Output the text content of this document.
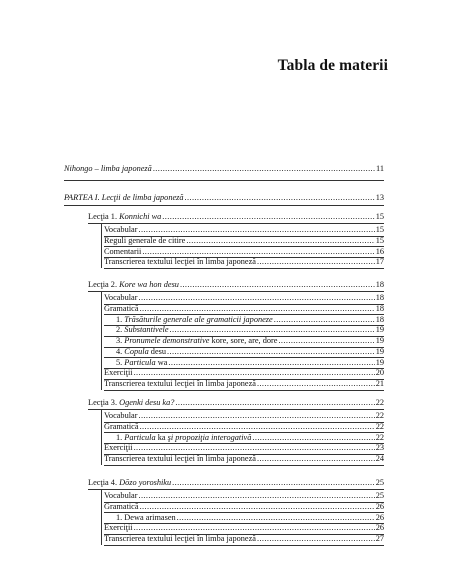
Tabla de materii
Nihongo – limba japoneză .....	11
PARTEA I. Lecţii de limba japoneză .....	13
Lecţia 1. Konnichi wa .....	15
Vocabular .....	15
Reguli generale de citire .....	15
Comentarii .....	16
Transcrierea textului lecţiei în limba japoneză .....	17
Lecţia 2. Kore wa hon desu .....	18
Vocabular .....	18
Gramatică .....	18
1. Trăsăturile generale ale gramaticii japoneze .....	18
2. Substantivele .....	19
3. Pronumele demonstrative kore, sore, are, dore .....	19
4. Copula desu .....	19
5. Particula wa .....	19
Exerciţii .....	20
Transcrierea textului lecţiei în limba japoneză .....	21
Lecţia 3. Ogenki desu ka? .....	22
Vocabular .....	22
Gramatică .....	22
1. Particula ka şi propoziţia interogativă .....	22
Exerciţii .....	23
Transcrierea textului lecţiei în limba japoneză .....	24
Lecţia 4. Dōzo yoroshiku .....	25
Vocabular .....	25
Gramatică .....	26
1. Dewa arimasen .....	26
Exerciţii .....	26
Transcrierea textului lecţiei în limba japoneză .....	27
